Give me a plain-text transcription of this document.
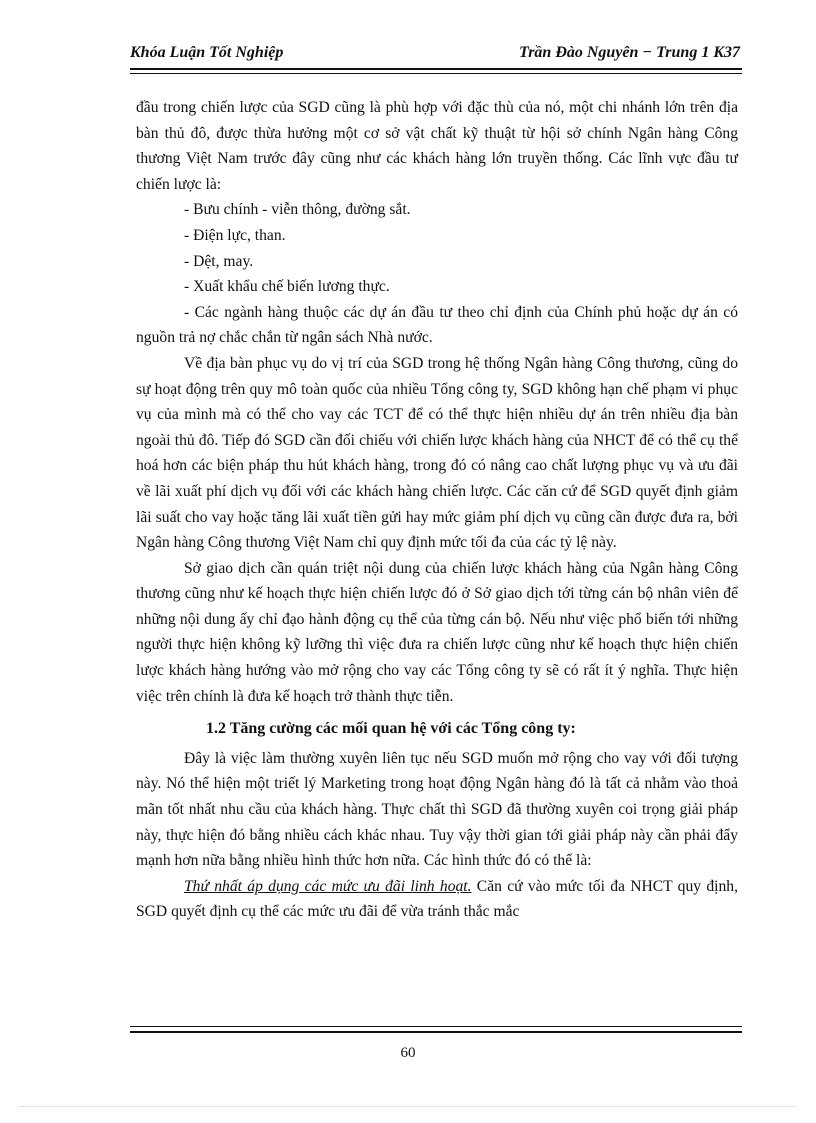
Khóa Luận Tốt Nghiệp	Trần Đào Nguyên − Trung 1 K37

đầu trong chiến lược của SGD cũng là phù hợp với đặc thù của nó, một chi nhánh lớn trên địa bàn thủ đô, được thừa hưởng một cơ sở vật chất kỹ thuật từ hội sở chính Ngân hàng Công thương Việt Nam trước đây cũng như các khách hàng lớn truyền thống. Các lĩnh vực đầu tư chiến lược là:

- Bưu chính - viễn thông, đường sắt.

- Điện lực, than.

- Dệt, may.

- Xuất khẩu chế biến lương thực.

- Các ngành hàng thuộc các dự án đầu tư theo chỉ định của Chính phủ hoặc dự án có nguồn trả nợ chắc chắn từ ngân sách Nhà nước.

Về địa bàn phục vụ do vị trí của SGD trong hệ thống Ngân hàng Công thương, cũng do sự hoạt động trên quy mô toàn quốc của nhiều Tổng công ty, SGD không hạn chế phạm vi phục vụ của mình mà có thể cho vay các TCT để có thể thực hiện nhiều dự án trên nhiều địa bàn ngoài thủ đô. Tiếp đó SGD cần đối chiếu với chiến lược khách hàng của NHCT để có thể cụ thể hoá hơn các biện pháp thu hút khách hàng, trong đó có nâng cao chất lượng phục vụ và ưu đãi về lãi xuất phí dịch vụ đối với các khách hàng chiến lược. Các căn cứ để SGD quyết định giảm lãi suất cho vay hoặc tăng lãi xuất tiền gửi hay mức giảm phí dịch vụ cũng cần được đưa ra, bởi Ngân hàng Công thương Việt Nam chỉ quy định mức tối đa của các tỷ lệ này.

Sở giao dịch cần quán triệt nội dung của chiến lược khách hàng của Ngân hàng Công thương cũng như kế hoạch thực hiện chiến lược đó ở Sở giao dịch tới từng cán bộ nhân viên để những nội dung ấy chỉ đạo hành động cụ thể của từng cán bộ. Nếu như việc phổ biến tới những người thực hiện không kỹ lưỡng thì việc đưa ra chiến lược cũng như kế hoạch thực hiện chiến lược khách hàng hướng vào mở rộng cho vay các Tổng công ty sẽ có rất ít ý nghĩa. Thực hiện việc trên chính là đưa kế hoạch trở thành thực tiễn.

1.2 Tăng cường các mối quan hệ với các Tổng công ty:

Đây là việc làm thường xuyên liên tục nếu SGD muốn mở rộng cho vay với đối tượng này. Nó thể hiện một triết lý Marketing trong hoạt động Ngân hàng đó là tất cả nhằm vào thoả mãn tốt nhất nhu cầu của khách hàng. Thực chất thì SGD đã thường xuyên coi trọng giải pháp này, thực hiện đó bằng nhiều cách khác nhau. Tuy vậy thời gian tới giải pháp này cần phải đẩy mạnh hơn nữa bằng nhiều hình thức hơn nữa. Các hình thức đó có thể là:

Thứ nhất áp dụng các mức ưu đãi linh hoạt. Căn cứ vào mức tối đa NHCT quy định, SGD quyết định cụ thể các mức ưu đãi để vừa tránh thắc mắc

60
